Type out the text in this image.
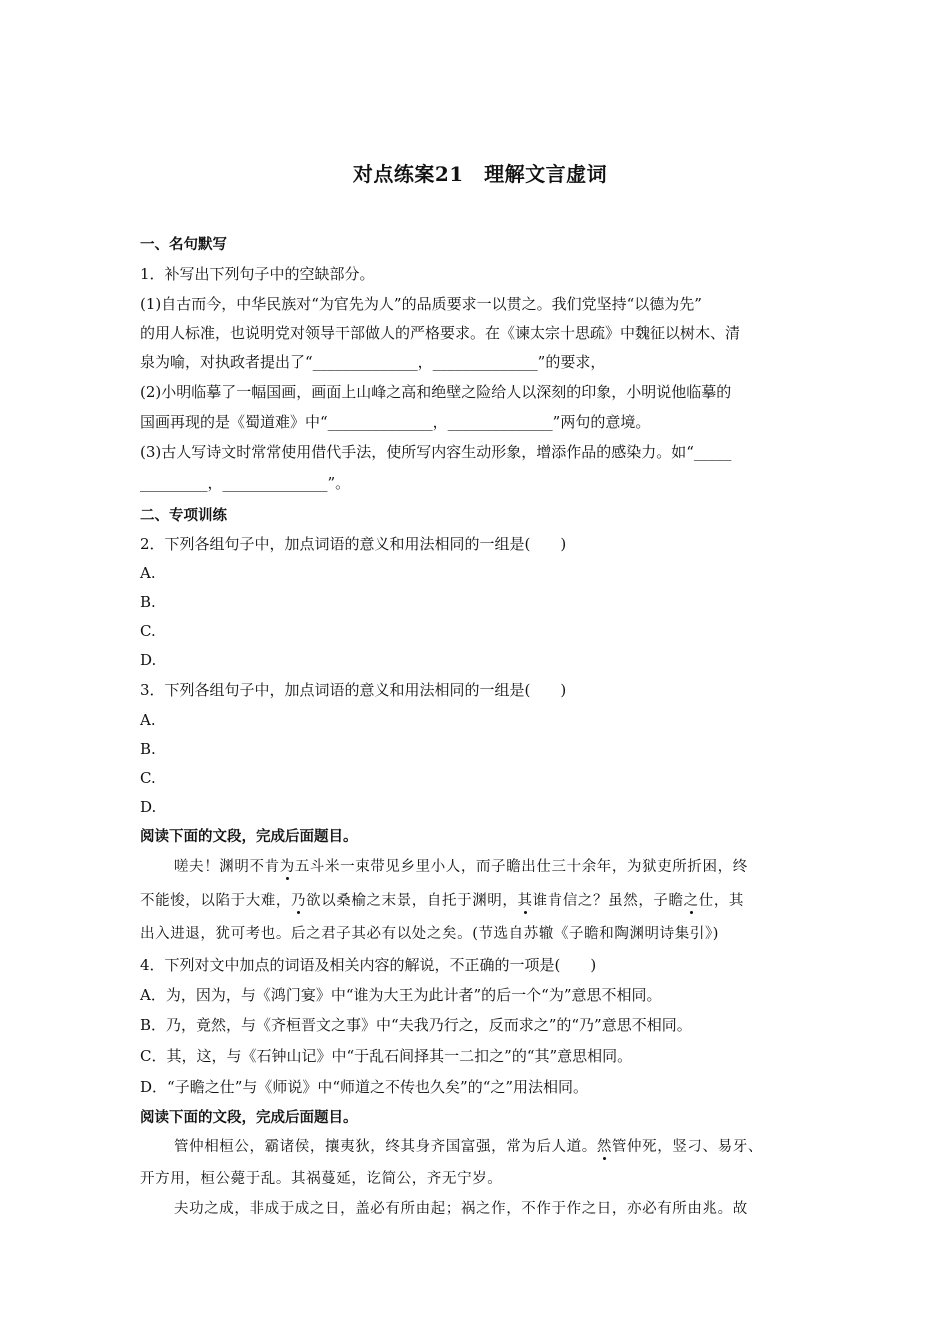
对点练案21　理解文言虚词
一、名句默写
1．补写出下列句子中的空缺部分。
(1)自古而今，中华民族对“为官先为人”的品质要求一以贯之。我们党坚持“以德为先”
的用人标准，也说明党对领导干部做人的严格要求。在《谏太宗十思疏》中魏征以树木、清
泉为喻，对执政者提出了“______________，______________”的要求，
(2)小明临摹了一幅国画，画面上山峰之高和绝壁之险给人以深刻的印象，小明说他临摹的
国画再现的是《蜀道难》中“______________，______________”两句的意境。
(3)古人写诗文时常常使用借代手法，使所写内容生动形象，增添作品的感染力。如“_____
_________，______________”。
二、专项训练
2．下列各组句子中，加点词语的意义和用法相同的一组是(　　)
A.
B.
C.
D.
3．下列各组句子中，加点词语的意义和用法相同的一组是(　　)
A.
B.
C.
D.
阅读下面的文段，完成后面题目。
嗟夫！渊明不肯为五斗米一束带见乡里小人，而子瞻出仕三十余年，为狱吏所折困，终
不能悛，以陷于大难，乃欲以桑榆之末景，自托于渊明，其谁肯信之？虽然，子瞻之仕，其
出入进退，犹可考也。后之君子其必有以处之矣。(节选自苏辙《子瞻和陶渊明诗集引》)
4．下列对文中加点的词语及相关内容的解说，不正确的一项是(　　)
A．为，因为，与《鸿门宴》中“谁为大王为此计者”的后一个“为”意思不相同。
B．乃，竟然，与《齐桓晋文之事》中“夫我乃行之，反而求之”的“乃”意思不相同。
C．其，这，与《石钟山记》中“于乱石间择其一二扣之”的“其”意思相同。
D．“子瞻之仕”与《师说》中“师道之不传也久矣”的“之”用法相同。
阅读下面的文段，完成后面题目。
管仲相桓公，霸诸侯，攘夷狄，终其身齐国富强，常为后人道。然管仲死，竖刁、易牙、
开方用，桓公薨于乱。其祸蔓延，讫简公，齐无宁岁。
夫功之成，非成于成之日，盖必有所由起；祸之作，不作于作之日，亦必有所由兆。故
